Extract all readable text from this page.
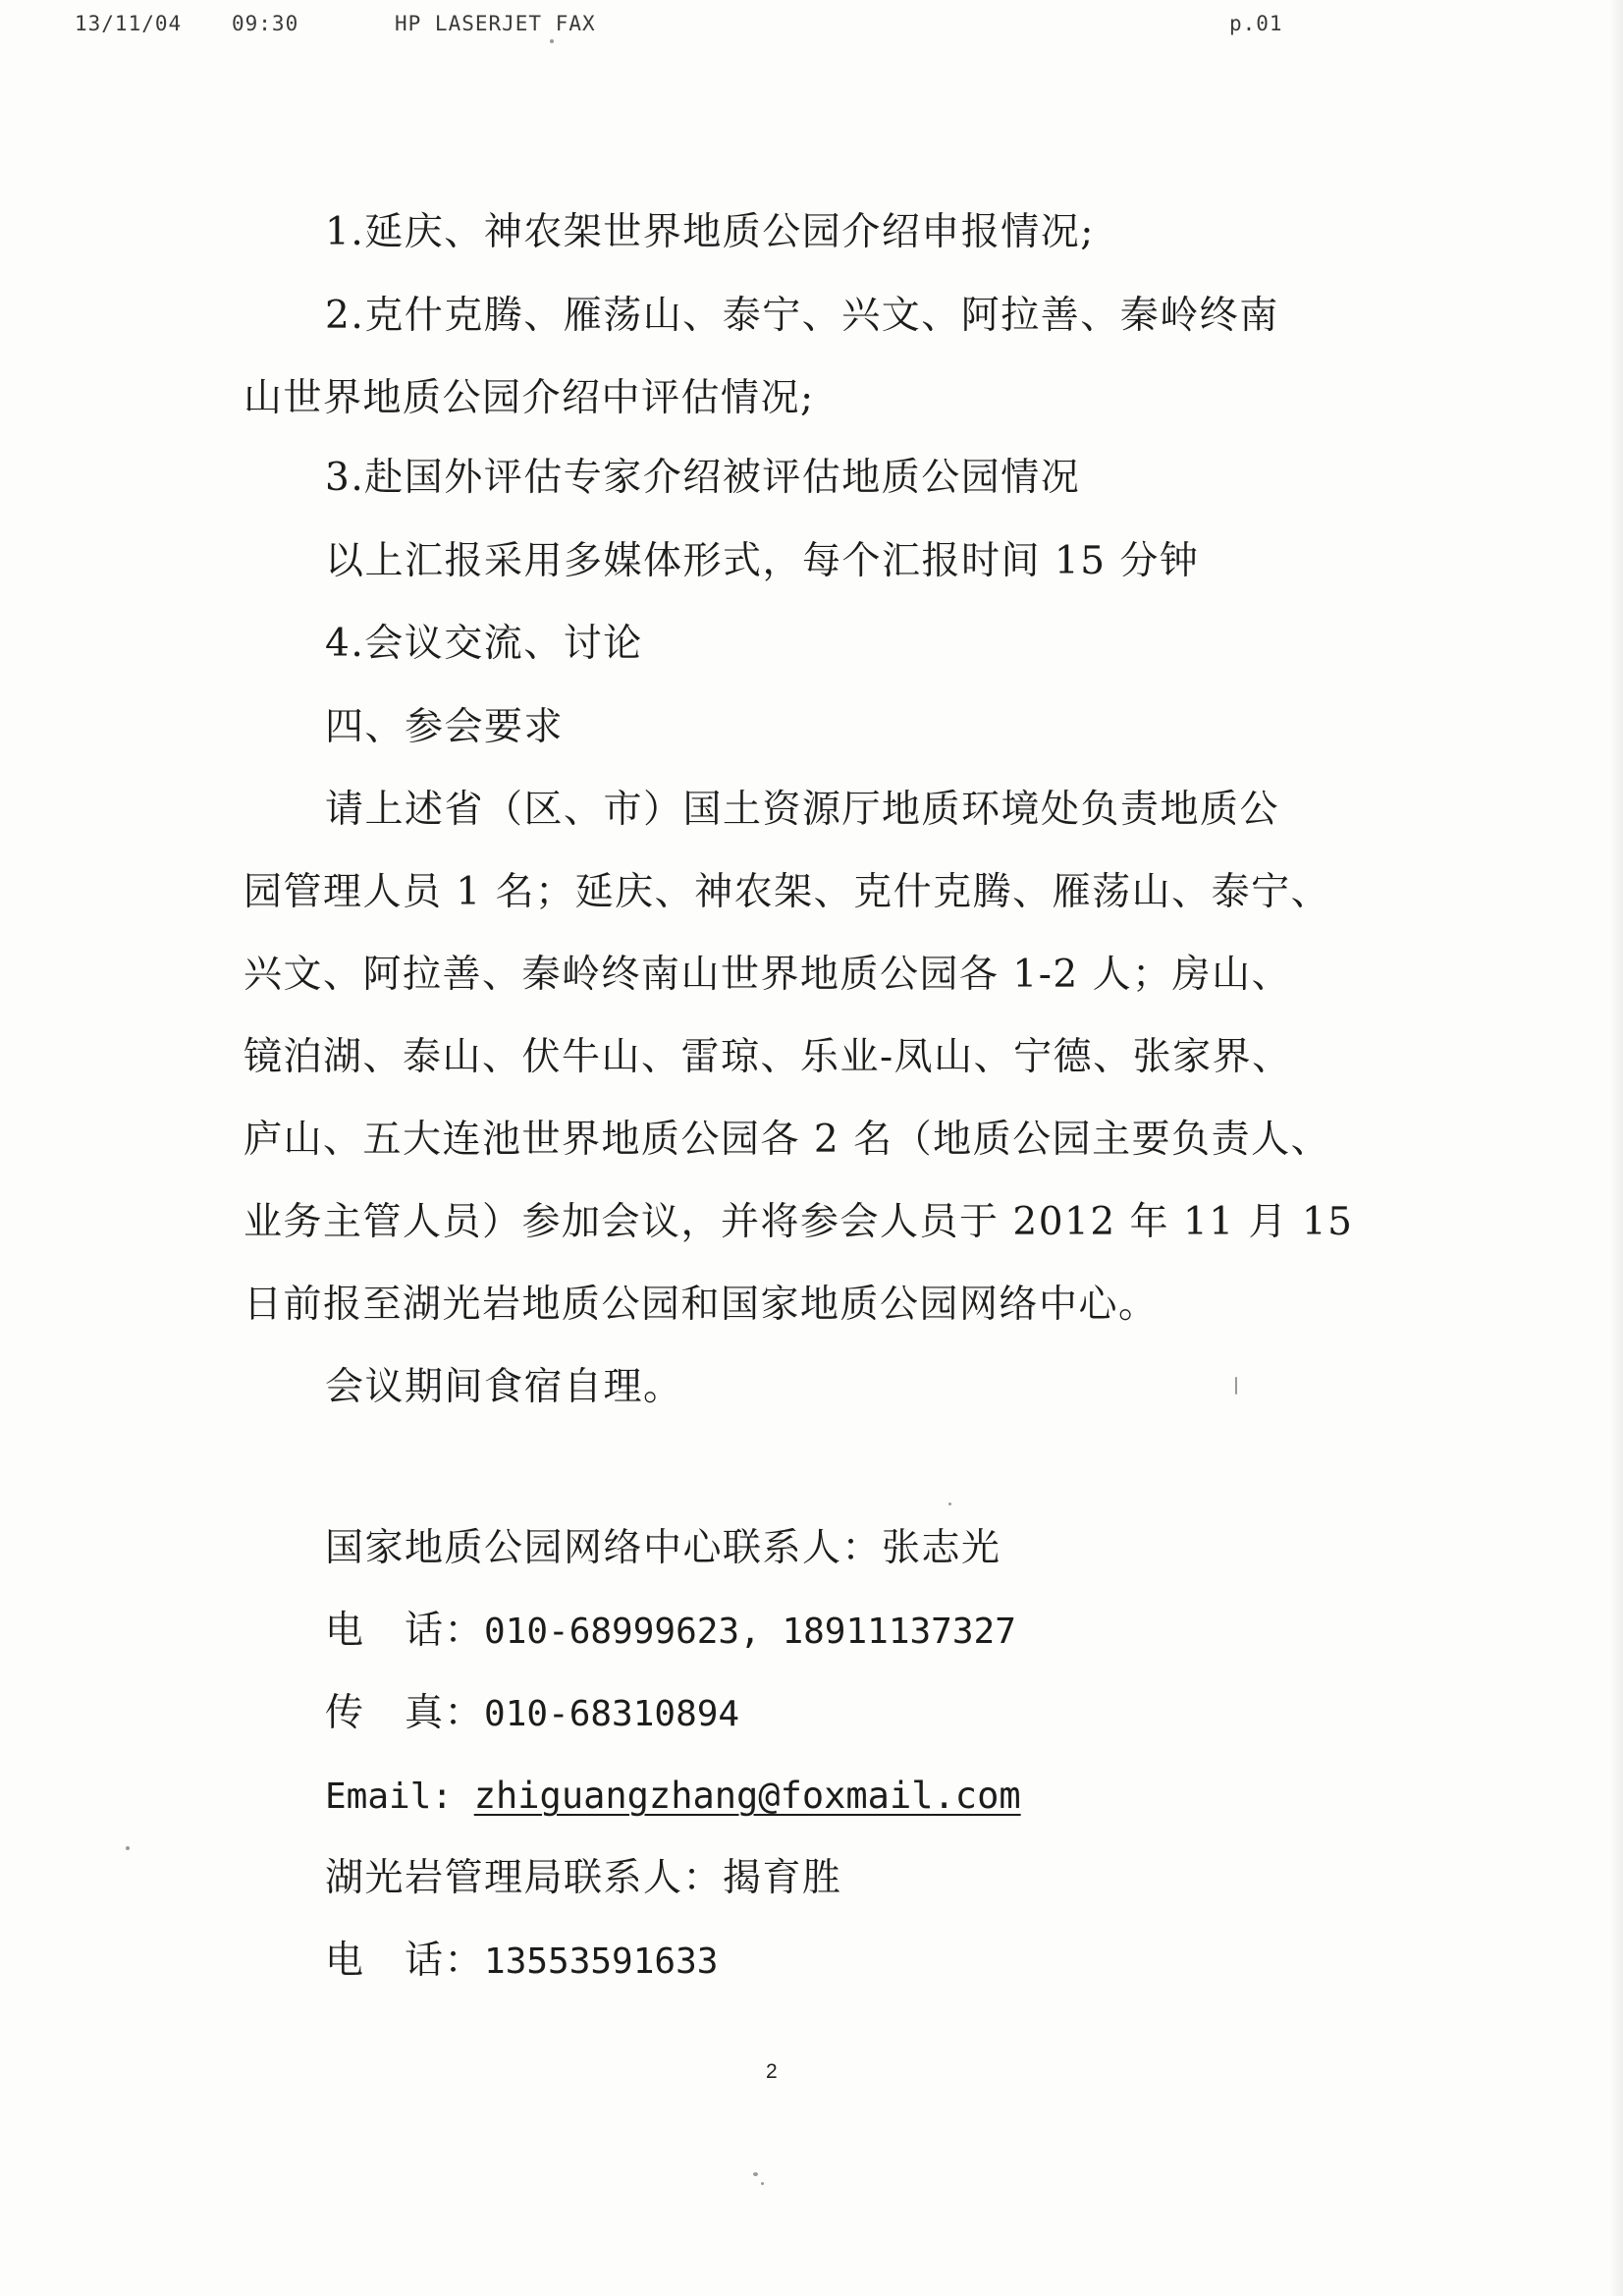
13/11/04 09:30	HP LASERJET FAX	p.01
1.延庆、神农架世界地质公园介绍申报情况;
2.克什克腾、雁荡山、泰宁、兴文、阿拉善、秦岭终南
山世界地质公园介绍中评估情况;
3.赴国外评估专家介绍被评估地质公园情况
以上汇报采用多媒体形式，每个汇报时间 15 分钟
4.会议交流、讨论
四、参会要求
请上述省（区、市）国土资源厅地质环境处负责地质公
园管理人员 1 名；延庆、神农架、克什克腾、雁荡山、泰宁、
兴文、阿拉善、秦岭终南山世界地质公园各 1-2 人；房山、
镜泊湖、泰山、伏牛山、雷琼、乐业-凤山、宁德、张家界、
庐山、五大连池世界地质公园各 2 名（地质公园主要负责人、
业务主管人员）参加会议，并将参会人员于 2012 年 11 月 15
日前报至湖光岩地质公园和国家地质公园网络中心。
会议期间食宿自理。
国家地质公园网络中心联系人：张志光
电　话：010-68999623, 18911137327
传　真：010-68310894
Email: zhiguangzhang@foxmail.com
湖光岩管理局联系人：揭育胜
电　话：13553591633
2
